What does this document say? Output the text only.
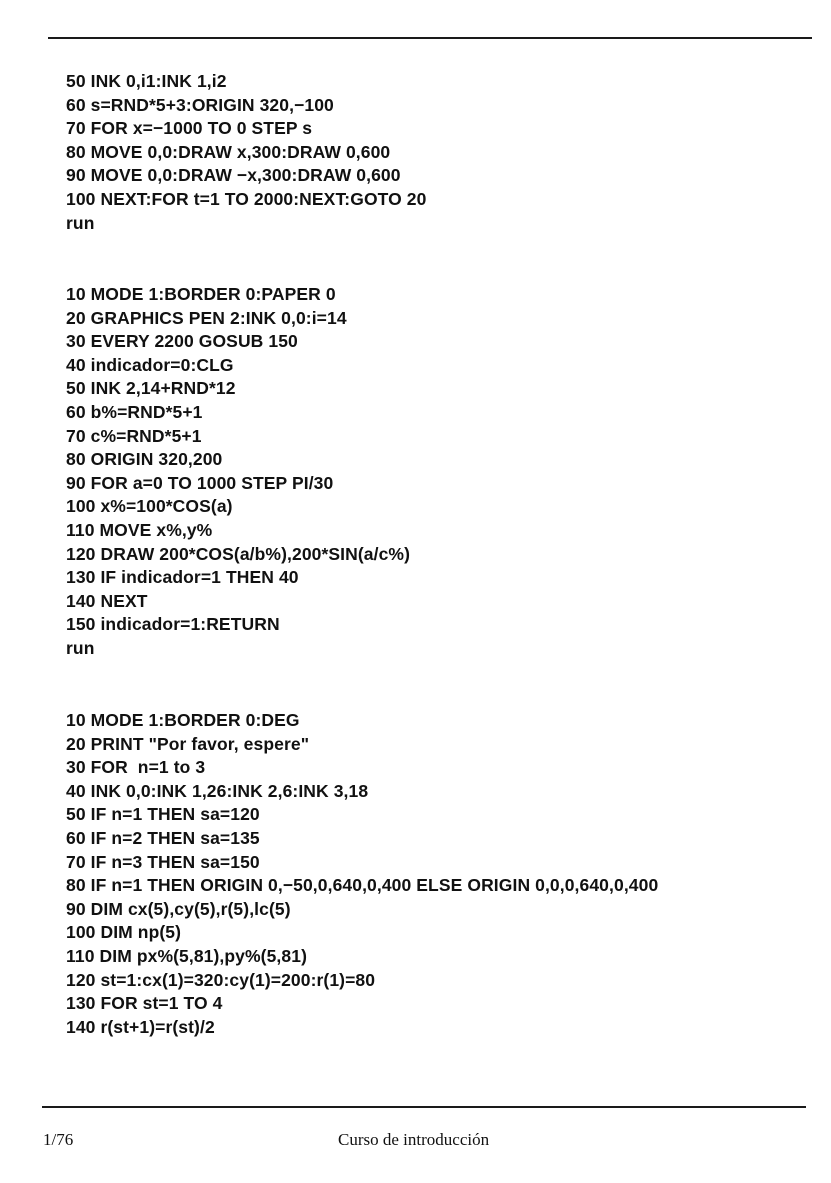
50 INK 0,i1:INK 1,i2
60 s=RND*5+3:ORIGIN 320,−100
70 FOR x=−1000 TO 0 STEP s
80 MOVE 0,0:DRAW x,300:DRAW 0,600
90 MOVE 0,0:DRAW −x,300:DRAW 0,600
100 NEXT:FOR t=1 TO 2000:NEXT:GOTO 20
run
10 MODE 1:BORDER 0:PAPER 0
20 GRAPHICS PEN 2:INK 0,0:i=14
30 EVERY 2200 GOSUB 150
40 indicador=0:CLG
50 INK 2,14+RND*12
60 b%=RND*5+1
70 c%=RND*5+1
80 ORIGIN 320,200
90 FOR a=0 TO 1000 STEP PI/30
100 x%=100*COS(a)
110 MOVE x%,y%
120 DRAW 200*COS(a/b%),200*SIN(a/c%)
130 IF indicador=1 THEN 40
140 NEXT
150 indicador=1:RETURN
run
10 MODE 1:BORDER 0:DEG
20 PRINT "Por favor, espere"
30 FOR  n=1 to 3
40 INK 0,0:INK 1,26:INK 2,6:INK 3,18
50 IF n=1 THEN sa=120
60 IF n=2 THEN sa=135
70 IF n=3 THEN sa=150
80 IF n=1 THEN ORIGIN 0,−50,0,640,0,400 ELSE ORIGIN 0,0,0,640,0,400
90 DIM cx(5),cy(5),r(5),lc(5)
100 DIM np(5)
110 DIM px%(5,81),py%(5,81)
120 st=1:cx(1)=320:cy(1)=200:r(1)=80
130 FOR st=1 TO 4
140 r(st+1)=r(st)/2
1/76	Curso de introducción
